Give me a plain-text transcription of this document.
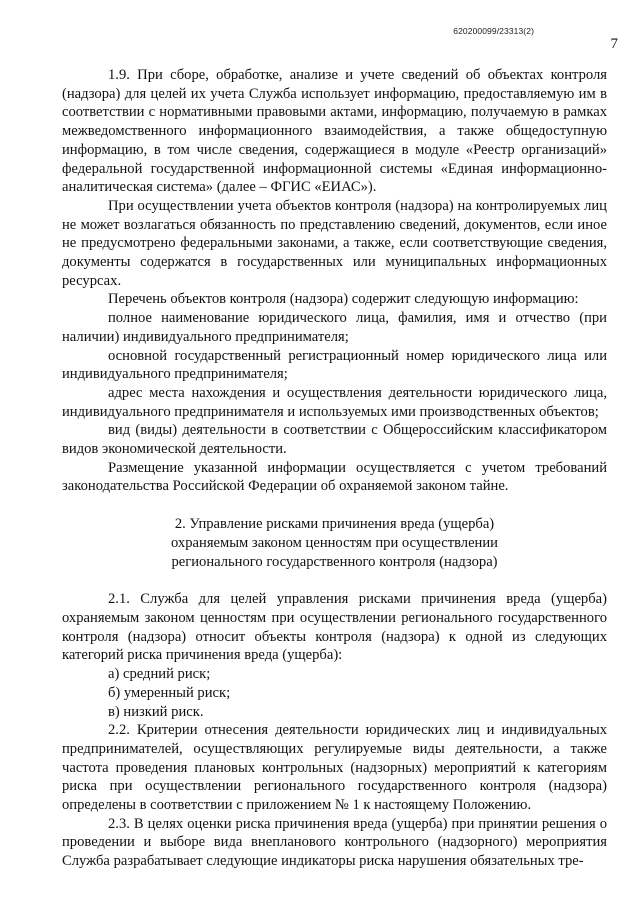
620200099/23313(2)
7

1.9. При сборе, обработке, анализе и учете сведений об объектах контроля (надзора) для целей их учета Служба использует информацию, предоставляемую им в соответствии с нормативными правовыми актами, информацию, получаемую в рамках межведомственного информационного взаимодействия, а также общедоступную информацию, в том числе сведения, содержащиеся в модуле «Реестр организаций» федеральной государственной информационной системы «Единая информационно-аналитическая система» (далее – ФГИС «ЕИАС»).

При осуществлении учета объектов контроля (надзора) на контролируемых лиц не может возлагаться обязанность по представлению сведений, документов, если иное не предусмотрено федеральными законами, а также, если соответствующие сведения, документы содержатся в государственных или муниципальных информационных ресурсах.

Перечень объектов контроля (надзора) содержит следующую информацию:

полное наименование юридического лица, фамилия, имя и отчество (при наличии) индивидуального предпринимателя;

основной государственный регистрационный номер юридического лица или индивидуального предпринимателя;

адрес места нахождения и осуществления деятельности юридического лица, индивидуального предпринимателя и используемых ими производственных объектов;

вид (виды) деятельности в соответствии с Общероссийским классификатором видов экономической деятельности.

Размещение указанной информации осуществляется с учетом требований законодательства Российской Федерации об охраняемой законом тайне.

2. Управление рисками причинения вреда (ущерба)
охраняемым законом ценностям при осуществлении
регионального государственного контроля (надзора)

2.1. Служба для целей управления рисками причинения вреда (ущерба) охраняемым законом ценностям при осуществлении регионального государственного контроля (надзора) относит объекты контроля (надзора) к одной из следующих категорий риска причинения вреда (ущерба):

а) средний риск;

б) умеренный риск;

в) низкий риск.

2.2. Критерии отнесения деятельности юридических лиц и индивидуальных предпринимателей, осуществляющих регулируемые виды деятельности, а также частота проведения плановых контрольных (надзорных) мероприятий к категориям риска при осуществлении регионального государственного контроля (надзора) определены в соответствии с приложением № 1 к настоящему Положению.

2.3. В целях оценки риска причинения вреда (ущерба) при принятии решения о проведении и выборе вида внепланового контрольного (надзорного) мероприятия Служба разрабатывает следующие индикаторы риска нарушения обязательных тре-
